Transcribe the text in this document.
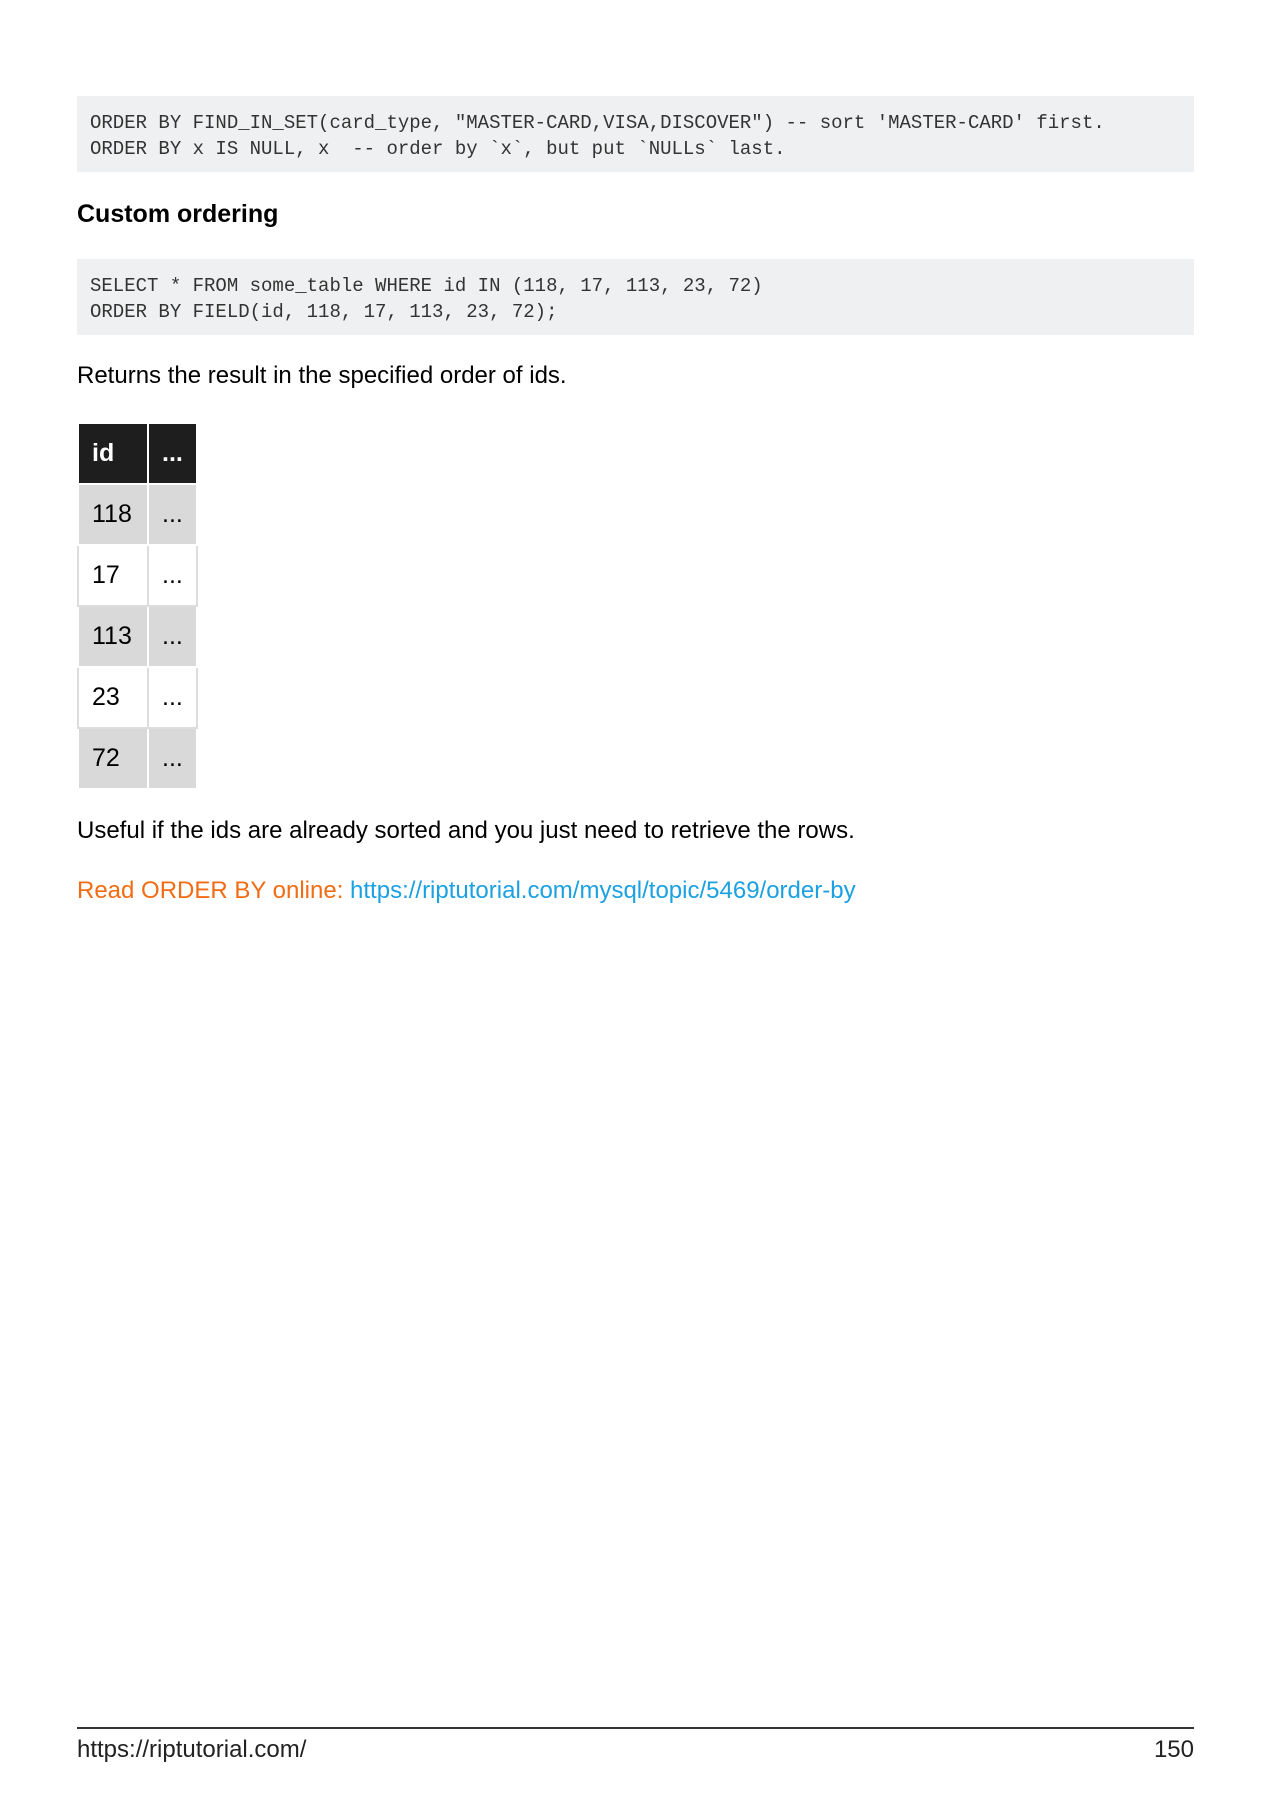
ORDER BY FIND_IN_SET(card_type, "MASTER-CARD,VISA,DISCOVER") -- sort 'MASTER-CARD' first.
ORDER BY x IS NULL, x  -- order by `x`, but put `NULLs` last.
Custom ordering
SELECT * FROM some_table WHERE id IN (118, 17, 113, 23, 72)
ORDER BY FIELD(id, 118, 17, 113, 23, 72);
Returns the result in the specified order of ids.
id	...
118	...
17	...
113	...
23	...
72	...
Useful if the ids are already sorted and you just need to retrieve the rows.
Read ORDER BY online: https://riptutorial.com/mysql/topic/5469/order-by
https://riptutorial.com/	150
